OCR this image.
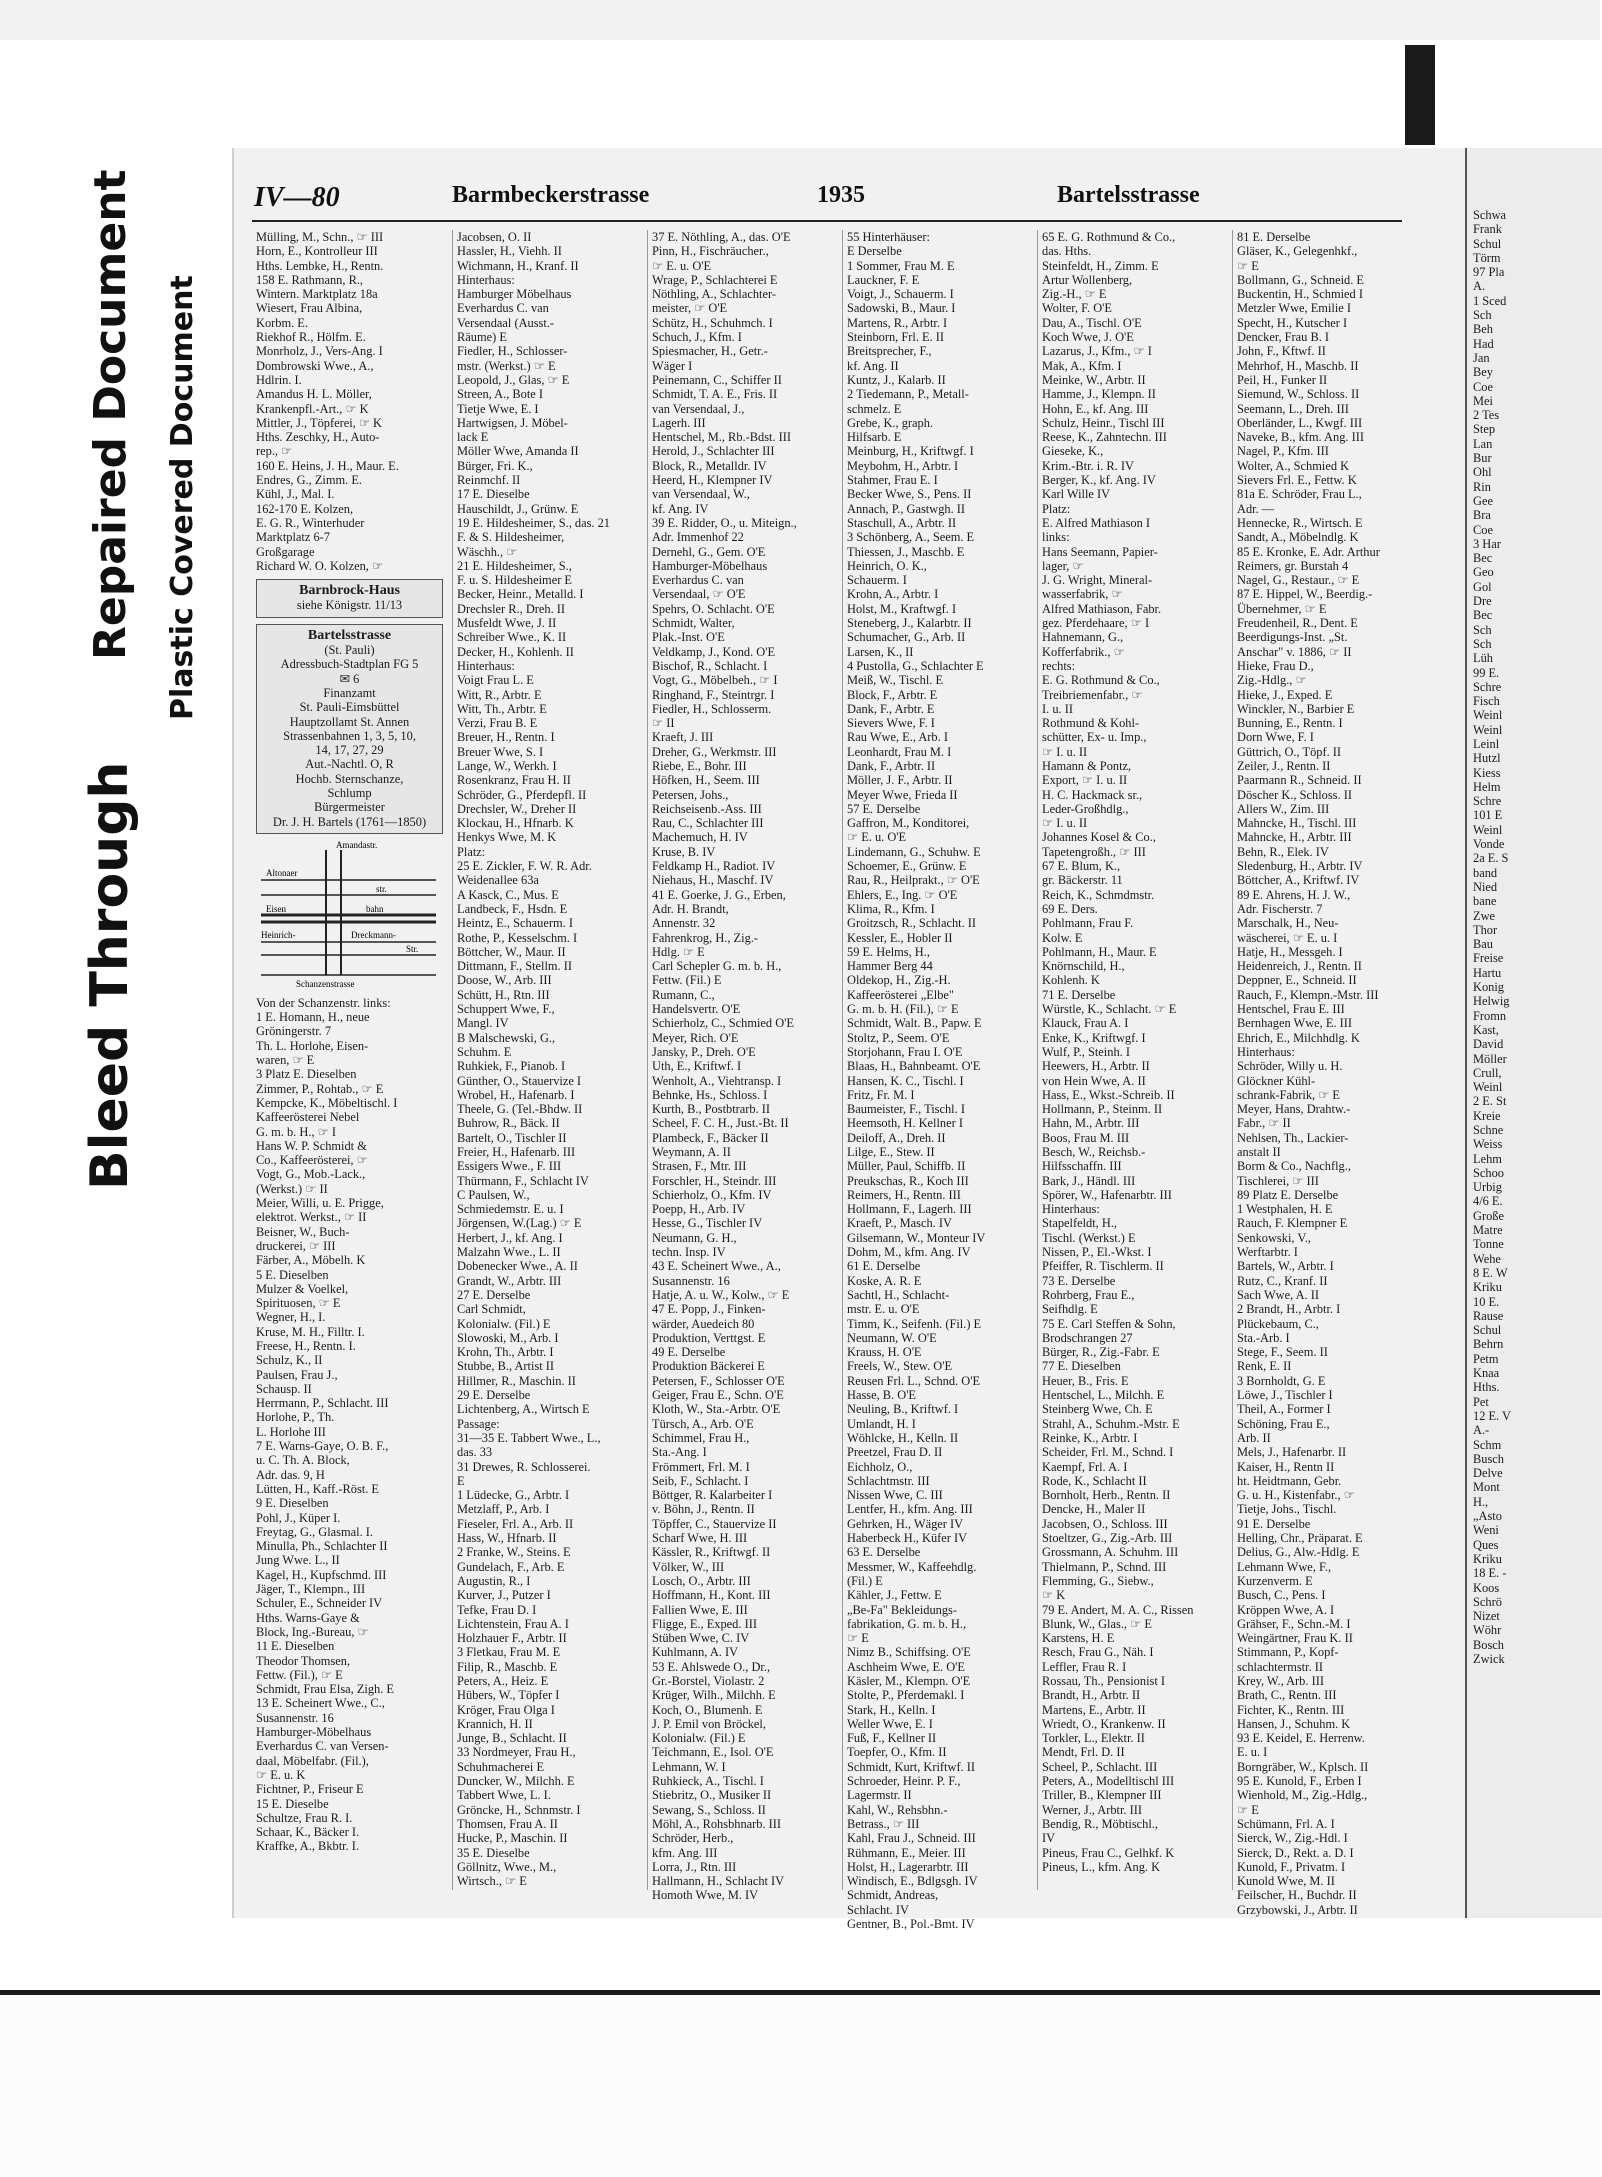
Bleed Through
Repaired Document Plastic Covered Document
IV—80	Barmbeckerstrasse	1935	Bartelsstrasse
Mülling, M., Schn., ☞ III
Horn, E., Kontrolleur III
Hths. Lembke, H., Rentn.
158 E. Rathmann, R.,
Wintern. Marktplatz 18a
Wiesert, Frau Albina,
Korbm. E.
Riekhof R., Hölfm. E.
Monrholz, J., Vers-Ang. I
Dombrowski Wwe., A.,
Hdlrin. I.
Amandus H. L. Möller,
Krankenpfl.-Art., ☞ K
Mittler, J., Töpferei, ☞ K
Hths. Zeschky, H., Auto-
rep., ☞
160 E. Heins, J. H., Maur. E.
Endres, G., Zimm. E.
Kühl, J., Mal. I.
162-170 E. Kolzen,
E. G. R., Winterhuder
Marktplatz 6-7
Großgarage
Richard W. O. Kolzen, ☞
Barnbrock-Haus
siehe Königstr. 11/13
Bartelsstrasse
(St. Pauli)
Adressbuch-Stadtplan FG 5
✉ 6
Finanzamt
St. Pauli-Eimsbüttel
Hauptzollamt St. Annen
Strassenbahnen 1, 3, 5, 10,
14, 17, 27, 29
Aut.-Nachtl. O, R
Hochb. Sternschanze,
Schlump
Bürgermeister
Dr. J. H. Bartels (1761—1850)
Amandastr.
Altonaer
str.
Eisen	bahn
Heinrich-	Dreckmann-
Str.
Schanzenstrasse
Von der Schanzenstr. links:
1 E. Homann, H., neue
Gröningerstr. 7
Th. L. Horlohe, Eisen-
waren, ☞ E
3 Platz E. Dieselben
Zimmer, P., Rohtab., ☞ E
Kempcke, K., Möbeltischl. I
Kaffeerösterei Nebel
G. m. b. H., ☞ I
Hans W. P. Schmidt &
Co., Kaffeerösterei, ☞
Vogt, G., Mob.-Lack.,
(Werkst.) ☞ II
Meier, Willi, u. E. Prigge,
elektrot. Werkst., ☞ II
Beisner, W., Buch-
druckerei, ☞ III
Färber, A., Möbelh. K
5 E. Dieselben
Mulzer & Voelkel,
Spirituosen, ☞ E
Wegner, H., I.
Kruse, M. H., Filltr. I.
Freese, H., Rentn. I.
Schulz, K., II
Paulsen, Frau J.,
Schausp. II
Herrmann, P., Schlacht. III
Horlohe, P., Th.
L. Horlohe III
7 E. Warns-Gaye, O. B. F.,
u. C. Th. A. Block,
Adr. das. 9, H
Lütten, H., Kaff.-Röst. E
9 E. Dieselben
Pohl, J., Küper I.
Freytag, G., Glasmal. I.
Minulla, Ph., Schlachter II
Jung Wwe. L., II
Kagel, H., Kupfschmd. III
Jäger, T., Klempn., III
Schuler, E., Schneider IV
Hths. Warns-Gaye &
Block, Ing.-Bureau, ☞
11 E. Dieselben
Theodor Thomsen,
Fettw. (Fil.), ☞ E
Schmidt, Frau Elsa, Zigh. E
13 E. Scheinert Wwe., C.,
Susannenstr. 16
Hamburger-Möbelhaus
Everhardus C. van Versen-
daal, Möbelfabr. (Fil.),
☞ E. u. K
Fichtner, P., Friseur E
15 E. Dieselbe
Schultze, Frau R. I.
Schaar, K., Bäcker I.
Kraffke, A., Bkbtr. I.
Jacobsen, O. II
Hassler, H., Viehh. II
Wichmann, H., Kranf. II
Hinterhaus:
Hamburger Möbelhaus
Everhardus C. van
Versendaal (Ausst.-
Räume) E
Fiedler, H., Schlosser-
mstr. (Werkst.) ☞ E
Leopold, J., Glas, ☞ E
Streen, A., Bote I
Tietje Wwe, E. I
Hartwigsen, J. Möbel-
lack E
Möller Wwe, Amanda II
Bürger, Fri. K.,
Reinmchf. II
17 E. Dieselbe
Hauschildt, J., Grünw. E
19 E. Hildesheimer, S., das. 21
F. & S. Hildesheimer,
Wäschh., ☞
21 E. Hildesheimer, S.,
F. u. S. Hildesheimer E
Becker, Heinr., Metalld. I
Drechsler R., Dreh. II
Musfeldt Wwe, J. II
Schreiber Wwe., K. II
Decker, H., Kohlenh. II
Hinterhaus:
Voigt Frau L. E
Witt, R., Arbtr. E
Witt, Th., Arbtr. E
Verzi, Frau B. E
Breuer, H., Rentn. I
Breuer Wwe, S. I
Lange, W., Werkh. I
Rosenkranz, Frau H. II
Schröder, G., Pferdepfl. II
Drechsler, W., Dreher II
Klockau, H., Hfnarb. K
Henkys Wwe, M. K
Platz:
25 E. Zickler, F. W. R. Adr.
Weidenallee 63a
A Kasck, C., Mus. E
Landbeck, F., Hsdn. E
Heintz, E., Schauerm. I
Rothe, P., Kesselschm. I
Böttcher, W., Maur. II
Dittmann, F., Stellm. II
Doose, W., Arb. III
Schütt, H., Rtn. III
Schuppert Wwe, F.,
Mangl. IV
B Malschewski, G.,
Schuhm. E
Ruhkiek, F., Pianob. I
Günther, O., Stauervize I
Wrobel, H., Hafenarb. I
Theele, G. (Tel.-Bhdw. II
Buhrow, R., Bäck. II
Bartelt, O., Tischler II
Freier, H., Hafenarb. III
Essigers Wwe., F. III
Thürmann, F., Schlacht IV
C Paulsen, W.,
Schmiedemstr. E. u. I
Jörgensen, W.(Lag.) ☞ E
Herbert, J., kf. Ang. I
Malzahn Wwe., L. II
Dobenecker Wwe., A. II
Grandt, W., Arbtr. III
27 E. Derselbe
Carl Schmidt,
Kolonialw. (Fil.) E
Slowoski, M., Arb. I
Krohn, Th., Arbtr. I
Stubbe, B., Artist II
Hillmer, R., Maschin. II
29 E. Derselbe
Lichtenberg, A., Wirtsch E
Passage:
31—35 E. Tabbert Wwe., L.,
das. 33
31 Drewes, R. Schlosserei.
E
1 Lüdecke, G., Arbtr. I
Metzlaff, P., Arb. I
Fieseler, Frl. A., Arb. II
Hass, W., Hfnarb. II
2 Franke, W., Steins. E
Gundelach, F., Arb. E
Augustin, R., I
Kurver, J., Putzer I
Tefke, Frau D. I
Lichtenstein, Frau A. I
Holzhauer F., Arbtr. II
3 Fletkau, Frau M. E
Filip, R., Maschb. E
Peters, A., Heiz. E
Hübers, W., Töpfer I
Kröger, Frau Olga I
Krannich, H. II
Junge, B., Schlacht. II
33 Nordmeyer, Frau H.,
Schuhmacherei E
Duncker, W., Milchh. E
Tabbert Wwe, L. I.
Gröncke, H., Schnmstr. I
Thomsen, Frau A. II
Hucke, P., Maschin. II
35 E. Dieselbe
Göllnitz, Wwe., M.,
Wirtsch., ☞ E
37 E. Nöthling, A., das. O'E
Pinn, H., Fischräucher.,
☞ E. u. O'E
Wrage, P., Schlachterei E
Nöthling, A., Schlachter-
meister, ☞ O'E
Schütz, H., Schuhmch. I
Schuch, J., Kfm. I
Spiesmacher, H., Getr.-
Wäger I
Peinemann, C., Schiffer II
Schmidt, T. A. E., Fris. II
van Versendaal, J.,
Lagerh. III
Hentschel, M., Rb.-Bdst. III
Herold, J., Schlachter III
Block, R., Metalldr. IV
Heerd, H., Klempner IV
van Versendaal, W.,
kf. Ang. IV
39 E. Ridder, O., u. Miteign.,
Adr. Immenhof 22
Dernehl, G., Gem. O'E
Hamburger-Möbelhaus
Everhardus C. van
Versendaal, ☞ O'E
Spehrs, O. Schlacht. O'E
Schmidt, Walter,
Plak.-Inst. O'E
Veldkamp, J., Kond. O'E
Bischof, R., Schlacht. I
Vogt, G., Möbelbeh., ☞ I
Ringhand, F., Steintrgr. I
Fiedler, H., Schlosserm.
☞ II
Kraeft, J. III
Dreher, G., Werkmstr. III
Riebe, E., Bohr. III
Höfken, H., Seem. III
Petersen, Johs.,
Reichseisenb.-Ass. III
Rau, C., Schlachter III
Machemuch, H. IV
Kruse, B. IV
Feldkamp H., Radiot. IV
Niehaus, H., Maschf. IV
41 E. Goerke, J. G., Erben,
Adr. H. Brandt,
Annenstr. 32
Fahrenkrog, H., Zig.-
Hdlg. ☞ E
Carl Schepler G. m. b. H.,
Fettw. (Fil.) E
Rumann, C.,
Handelsvertr. O'E
Schierholz, C., Schmied O'E
Meyer, Rich. O'E
Jansky, P., Dreh. O'E
Uth, E., Kriftwf. I
Wenholt, A., Viehtransp. I
Behnke, Hs., Schloss. I
Kurth, B., Postbtrarb. II
Scheel, F. C. H., Just.-Bt. II
Plambeck, F., Bäcker II
Weymann, A. II
Strasen, F., Mtr. III
Forschler, H., Steindr. III
Schierholz, O., Kfm. IV
Poepp, H., Arb. IV
Hesse, G., Tischler IV
Neumann, G. H.,
techn. Insp. IV
43 E. Scheinert Wwe., A.,
Susannenstr. 16
Hatje, A. u. W., Kolw., ☞ E
47 E. Popp, J., Finken-
wärder, Auedeich 80
Produktion, Verttgst. E
49 E. Derselbe
Produktion Bäckerei E
Petersen, F., Schlosser O'E
Geiger, Frau E., Schn. O'E
Kloth, W., Sta.-Arbtr. O'E
Türsch, A., Arb. O'E
Schimmel, Frau H.,
Sta.-Ang. I
Frömmert, Frl. M. I
Seib, F., Schlacht. I
Böttger, R. Kalarbeiter I
v. Böhn, J., Rentn. II
Töpffer, C., Stauervize II
Scharf Wwe, H. III
Kässler, R., Kriftwgf. II
Völker, W., III
Losch, O., Arbtr. III
Hoffmann, H., Kont. III
Fallien Wwe, E. III
Fligge, E., Exped. III
Stüben Wwe, C. IV
Kuhlmann, A. IV
53 E. Ahlswede O., Dr.,
Gr.-Borstel, Violastr. 2
Krüger, Wilh., Milchh. E
Koch, O., Blumenh. E
J. P. Emil von Bröckel,
Kolonialw. (Fil.) E
Teichmann, E., Isol. O'E
Lehmann, W. I
Ruhkieck, A., Tischl. I
Stiebritz, O., Musiker II
Sewang, S., Schloss. II
Möhl, A., Rohsbhnarb. III
Schröder, Herb.,
kfm. Ang. III
Lorra, J., Rtn. III
Hallmann, H., Schlacht IV
Homoth Wwe, M. IV
55 Hinterhäuser:
E Derselbe
1 Sommer, Frau M. E
Lauckner, F. E
Voigt, J., Schauerm. I
Sadowski, B., Maur. I
Martens, R., Arbtr. I
Steinborn, Frl. E. II
Breitsprecher, F.,
kf. Ang. II
Kuntz, J., Kalarb. II
2 Tiedemann, P., Metall-
schmelz. E
Grebe, K., graph.
Hilfsarb. E
Meinburg, H., Kriftwgf. I
Meybohm, H., Arbtr. I
Stahmer, Frau E. I
Becker Wwe, S., Pens. II
Annach, P., Gastwgh. II
Staschull, A., Arbtr. II
3 Schönberg, A., Seem. E
Thiessen, J., Maschb. E
Heinrich, O. K.,
Schauerm. I
Krohn, A., Arbtr. I
Holst, M., Kraftwgf. I
Steneberg, J., Kalarbtr. II
Schumacher, G., Arb. II
Larsen, K., II
4 Pustolla, G., Schlachter E
Meiß, W., Tischl. E
Block, F., Arbtr. E
Dank, F., Arbtr. E
Sievers Wwe, F. I
Rau Wwe, E., Arb. I
Leonhardt, Frau M. I
Dank, F., Arbtr. II
Möller, J. F., Arbtr. II
Meyer Wwe, Frieda II
57 E. Derselbe
Gaffron, M., Konditorei,
☞ E. u. O'E
Lindemann, G., Schuhw. E
Schoemer, E., Grünw. E
Rau, R., Heilprakt., ☞ O'E
Ehlers, E., Ing. ☞ O'E
Klima, R., Kfm. I
Groitzsch, R., Schlacht. II
Kessler, E., Hobler II
59 E. Helms, H.,
Hammer Berg 44
Oldekop, H., Zig.-H.
Kaffeerösterei „Elbe"
G. m. b. H. (Fil.), ☞ E
Schmidt, Walt. B., Papw. E
Stoltz, P., Seem. O'E
Storjohann, Frau I. O'E
Blaas, H., Bahnbeamt. O'E
Hansen, K. C., Tischl. I
Fritz, Fr. M. I
Baumeister, F., Tischl. I
Heemsoth, H. Kellner I
Deiloff, A., Dreh. II
Lilge, E., Stew. II
Müller, Paul, Schiffb. II
Preukschas, R., Koch III
Reimers, H., Rentn. III
Hollmann, F., Lagerh. III
Kraeft, P., Masch. IV
Gilsemann, W., Monteur IV
Dohm, M., kfm. Ang. IV
61 E. Derselbe
Koske, A. R. E
Sachtl, H., Schlacht-
mstr. E. u. O'E
Timm, K., Seifenh. (Fil.) E
Neumann, W. O'E
Krauss, H. O'E
Freels, W., Stew. O'E
Reusen Frl. L., Schnd. O'E
Hasse, B. O'E
Neuling, B., Kriftwf. I
Umlandt, H. I
Wöhlcke, H., Kelln. II
Preetzel, Frau D. II
Eichholz, O.,
Schlachtmstr. III
Nissen Wwe, C. III
Lentfer, H., kfm. Ang. III
Gehrken, H., Wäger IV
Haberbeck H., Küfer IV
63 E. Derselbe
Messmer, W., Kaffeehdlg.
(Fil.) E
Kähler, J., Fettw. E
„Be-Fa" Bekleidungs-
fabrikation, G. m. b. H.,
☞ E
Nimz B., Schiffsing. O'E
Aschheim Wwe, E. O'E
Käsler, M., Klempn. O'E
Stolte, P., Pferdemakl. I
Stark, H., Kelln. I
Weller Wwe, E. I
Fuß, F., Kellner II
Toepfer, O., Kfm. II
Schmidt, Kurt, Kriftwf. II
Schroeder, Heinr. P. F.,
Lagermstr. II
Kahl, W., Rehsbhn.-
Betrass., ☞ III
Kahl, Frau J., Schneid. III
Rühmann, E., Meier. III
Holst, H., Lagerarbtr. III
Windisch, E., Bdlgsgh. IV
Schmidt, Andreas,
Schlacht. IV
Gentner, B., Pol.-Bmt. IV
65 E. G. Rothmund & Co.,
das. Hths.
Steinfeldt, H., Zimm. E
Artur Wollenberg,
Zig.-H., ☞ E
Wolter, F. O'E
Dau, A., Tischl. O'E
Koch Wwe, J. O'E
Lazarus, J., Kfm., ☞ I
Mak, A., Kfm. I
Meinke, W., Arbtr. II
Hamme, J., Klempn. II
Hohn, E., kf. Ang. III
Schulz, Heinr., Tischl III
Reese, K., Zahntechn. III
Gieseke, K.,
Krim.-Btr. i. R. IV
Berger, K., kf. Ang. IV
Karl Wille IV
Platz:
E. Alfred Mathiason I
links:
Hans Seemann, Papier-
lager, ☞
J. G. Wright, Mineral-
wasserfabrik, ☞
Alfred Mathiason, Fabr.
gez. Pferdehaare, ☞ I
Hahnemann, G.,
Kofferfabrik., ☞
rechts:
E. G. Rothmund & Co.,
Treibriemenfabr., ☞
I. u. II
Rothmund & Kohl-
schütter, Ex- u. Imp.,
☞ I. u. II
Hamann & Pontz,
Export, ☞ I. u. II
H. C. Hackmack sr.,
Leder-Großhdlg.,
☞ I. u. II
Johannes Kosel & Co.,
Tapetengroßh., ☞ III
67 E. Blum, K.,
gr. Bäckerstr. 11
Reich, K., Schmdmstr.
69 E. Ders.
Pohlmann, Frau F.
Kolw. E
Pohlmann, H., Maur. E
Knörnschild, H.,
Kohlenh. K
71 E. Derselbe
Würstle, K., Schlacht. ☞ E
Klauck, Frau A. I
Enke, K., Kriftwgf. I
Wulf, P., Steinh. I
Heewers, H., Arbtr. II
von Hein Wwe, A. II
Hass, E., Wkst.-Schreib. II
Hollmann, P., Steinm. II
Hahn, M., Arbtr. III
Boos, Frau M. III
Besch, W., Reichsb.-
Hilfsschaffn. III
Bark, J., Händl. III
Spörer, W., Hafenarbtr. III
Hinterhaus:
Stapelfeldt, H.,
Tischl. (Werkst.) E
Nissen, P., El.-Wkst. I
Pfeiffer, R. Tischlerm. II
73 E. Derselbe
Rohrberg, Frau E.,
Seifhdlg. E
75 E. Carl Steffen & Sohn,
Brodschrangen 27
Bürger, R., Zig.-Fabr. E
77 E. Dieselben
Heuer, B., Fris. E
Hentschel, L., Milchh. E
Steinberg Wwe, Ch. E
Strahl, A., Schuhm.-Mstr. E
Reinke, K., Arbtr. I
Scheider, Frl. M., Schnd. I
Kaempf, Frl. A. I
Rode, K., Schlacht II
Bornholt, Herb., Rentn. II
Dencke, H., Maler II
Jacobsen, O., Schloss. III
Stoeltzer, G., Zig.-Arb. III
Grossmann, A. Schuhm. III
Thielmann, P., Schnd. III
Flemming, G., Siebw.,
☞ K
79 E. Andert, M. A. C., Rissen
Blunk, W., Glas., ☞ E
Karstens, H. E
Resch, Frau G., Näh. I
Leffler, Frau R. I
Rossau, Th., Pensionist I
Brandt, H., Arbtr. II
Martens, E., Arbtr. II
Wriedt, O., Krankenw. II
Torkler, L., Elektr. II
Mendt, Frl. D. II
Scheel, P., Schlacht. III
Peters, A., Modelltischl III
Triller, B., Klempner III
Werner, J., Arbtr. III
Bendig, R., Möbtischl.,
IV
Pineus, Frau C., Gelhkf. K
Pineus, L., kfm. Ang. K
81 E. Derselbe
Gläser, K., Gelegenhkf.,
☞ E
Bollmann, G., Schneid. E
Buckentin, H., Schmied I
Metzler Wwe, Emilie I
Specht, H., Kutscher I
Dencker, Frau B. I
John, F., Kftwf. II
Mehrhof, H., Maschb. II
Peil, H., Funker II
Siemund, W., Schloss. II
Seemann, L., Dreh. III
Oberländer, L., Kwgf. III
Naveke, B., kfm. Ang. III
Nagel, P., Kfm. III
Wolter, A., Schmied K
Sievers Frl. E., Fettw. K
81a E. Schröder, Frau L.,
Adr. —
Hennecke, R., Wirtsch. E
Sandt, A., Möbelndlg. K
85 E. Kronke, E. Adr. Arthur
Reimers, gr. Burstah 4
Nagel, G., Restaur., ☞ E
87 E. Hippel, W., Beerdig.-
Übernehmer, ☞ E
Freudenheil, R., Dent. E
Beerdigungs-Inst. „St.
Anschar" v. 1886, ☞ II
Hieke, Frau D.,
Zig.-Hdlg., ☞
Hieke, J., Exped. E
Winckler, N., Barbier E
Bunning, E., Rentn. I
Dorn Wwe, F. I
Güttrich, O., Töpf. II
Zeiler, J., Rentn. II
Paarmann R., Schneid. II
Döscher K., Schloss. II
Allers W., Zim. III
Mahncke, H., Tischl. III
Mahncke, H., Arbtr. III
Behn, R., Elek. IV
Sledenburg, H., Arbtr. IV
Böttcher, A., Kriftwf. IV
89 E. Ahrens, H. J. W.,
Adr. Fischerstr. 7
Marschalk, H., Neu-
wäscherei, ☞ E. u. I
Hatje, H., Messgeh. I
Heidenreich, J., Rentn. II
Deppner, E., Schneid. II
Rauch, F., Klempn.-Mstr. III
Hentschel, Frau E. III
Bernhagen Wwe, E. III
Ehrich, E., Milchhdlg. K
Hinterhaus:
Schröder, Willy u. H.
Glöckner Kühl-
schrank-Fabrik, ☞ E
Meyer, Hans, Drahtw.-
Fabr., ☞ II
Nehlsen, Th., Lackier-
anstalt II
Borm & Co., Nachflg.,
Tischlerei, ☞ III
89 Platz E. Derselbe
1 Westphalen, H. E
Rauch, F. Klempner E
Senkowski, V.,
Werftarbtr. I
Bartels, W., Arbtr. I
Rutz, C., Kranf. II
Sach Wwe, A. II
2 Brandt, H., Arbtr. I
Plückebaum, C.,
Sta.-Arb. I
Stege, F., Seem. II
Renk, E. II
3 Bornholdt, G. E
Löwe, J., Tischler I
Theil, A., Former I
Schöning, Frau E.,
Arb. II
Mels, J., Hafenarbr. II
Kaiser, H., Rentn II
ht. Heidtmann, Gebr.
G. u. H., Kistenfabr., ☞
Tietje, Johs., Tischl.
91 E. Derselbe
Helling, Chr., Präparat. E
Delius, G., Alw.-Hdlg. E
Lehmann Wwe, F.,
Kurzenverm. E
Busch, C., Pens. I
Kröppen Wwe, A. I
Grähser, F., Schn.-M. I
Weingärtner, Frau K. II
Stimmann, P., Kopf-
schlachtermstr. II
Krey, W., Arb. III
Brath, C., Rentn. III
Fichter, K., Rentn. III
Hansen, J., Schuhm. K
93 E. Keidel, E. Herrenw.
E. u. I
Borngräber, W., Kplsch. II
95 E. Kunold, F., Erben I
Wienhold, M., Zig.-Hdlg.,
☞ E
Schümann, Frl. A. I
Sierck, W., Zig.-Hdl. I
Sierck, D., Rekt. a. D. I
Kunold, F., Privatm. I
Kunold Wwe, M. II
Feilscher, H., Buchdr. II
Grzybowski, J., Arbtr. II
Schwa
Frank
Schul
Törm
97 Pla
A.
1 Sced
Sch
Beh
Had
Jan
Bey
Coe
Mei
2 Tes
Step
Lan
Bur
Ohl
Rin
Gee
Bra
Coe
3 Har
Bec
Geo
Gol
Dre
Bec
Sch
Sch
Lüh
99 E.
Schre
Fisch
Weinl
Weinl
Leinl
Hutzl
Kiess
Helm
Schre
101 E
Weinl
Vonde
2a E. S
band
Nied
bane
Zwe
Thor
Bau
Freise
Hartu
Konig
Helwig
Fromn
Kast,
David
Möller
Crull,
Weinl
2 E. St
Kreie
Schne
Weiss
Lehm
Schoo
Urbig
4/6 E.
Große
Matre
Tonne
Wehe
8 E. W
Kriku
10 E.
Rause
Schul
Behrn
Petm
Knaa
Hths.
Pet
12 E. V
A.-
Schm
Busch
Delve
Mont
H.,
„Asto
Weni
Ques
Kriku
18 E. -
Koos
Schrö
Nizet
Wöhr
Bosch
Zwick
